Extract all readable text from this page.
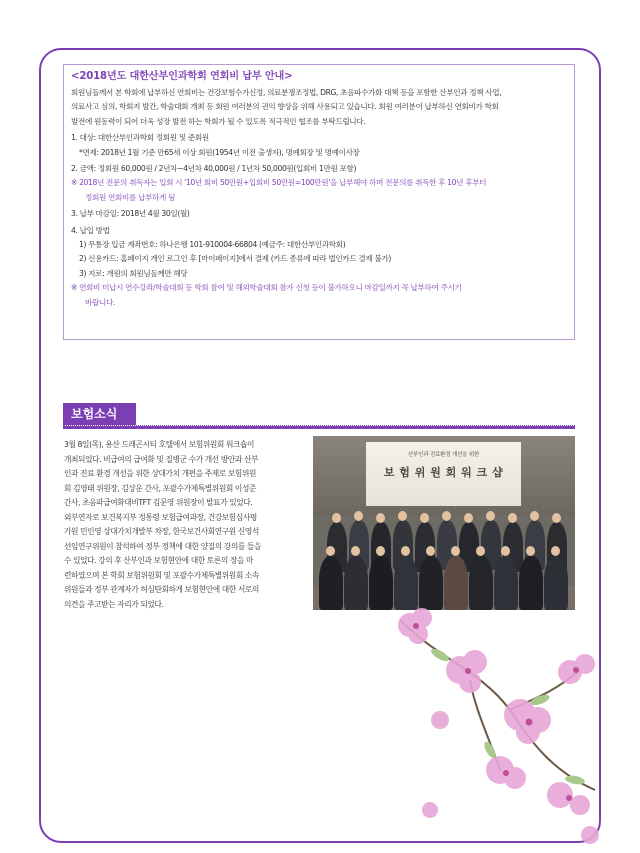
<2018년도 대한산부인과학회 연회비 납부 안내>

회원님들께서 본 학회에 납부하신 연회비는 건강보험수가신정, 의료분쟁조정법, DRG, 초음파수가화 대책 등을 포함한 산부인과 정책 사업,

의료사고 심의, 학회지 발간, 학술대회 개최 등 회원 여러분의 권익 향상을 위해 사용되고 있습니다. 회원 여러분이 납부하신 연회비가 학회

발전에 원동력이 되어 더욱 성장 발전 하는 학회가 될 수 있도록 적극적인 협조를 부탁드립니다.

1. 대상: 대한산부인과학회 정회원 및 준회원

*면제: 2018년 1월 기준 만65세 이상 회원(1954년 이전 출생자), 명예회장 및 명예이사장

2. 금액: 정회원 60,000원 / 2년차~4년차 40,000원 / 1년차 50,000원(입회비 1만원 포함)

※ 2018년 전문의 취득자는 입회 시 '10년 회비 50만원+입회비 50만원=100만원'을 납부해야 하며 전문의를 취득한 후 10년 후부터

정회원 연회비를 납부하게 됨

3. 납부 마감일: 2018년 4월 30일(월)

4. 납입 방법

1) 무통장 입금 계좌번호: 하나은행 101-910004-66804 (예금주: 대한산부인과학회)

2) 신용카드: 홈페이지 개인 로그인 후 [마이페이지]에서 결제 (카드 종류에 따라 법인카드 결제 불가)

3) 지로: 개원의 회원님들께만 해당

※ 연회비 미납시 연수강좌/학술대회 등 학회 참여 및 해외학술대회 참가 신청 등이 불가하오니 마감일까지 꼭 납부하여 주시기

바랍니다.

보험소식

3월 8일(목), 용산 드래곤시티 호텔에서 보험위원회 워크숍이

개최되었다. 비급여의 급여화 및 질병군 수가 개선 방안과 산부

인과 진료 환경 개선을 위한 상대가치 개편을 주제로 보험위원

회 김영태 위원장, 김상운 간사, 포괄수가제특별위원회 이성준

간사, 초음파급여화대비TFT 김문영 위원장이 발표가 있었다.

외부연자로 보건복지부 정통령 보험급여과장, 건강보험심사평

가원 민인영 상대가치개발부 차장, 한국보건사회연구원 신영석

선임연구위원이 참석하여 정부 정책에 대한 양질의 강의를 들을

수 있었다. 강의 후 산부인과 보험현안에 대한 토론의 장을 마

련하였으며 본 학회 보험위원회 및 포괄수가제특별위원회 소속

위원들과 정부 관계자가 허심탄회하게 보험현안에 대한 서로의

의견을 주고받는 자리가 되었다.

산부인과 진료환경 개선을 위한
보 험 위 원 회 워 크 샵
